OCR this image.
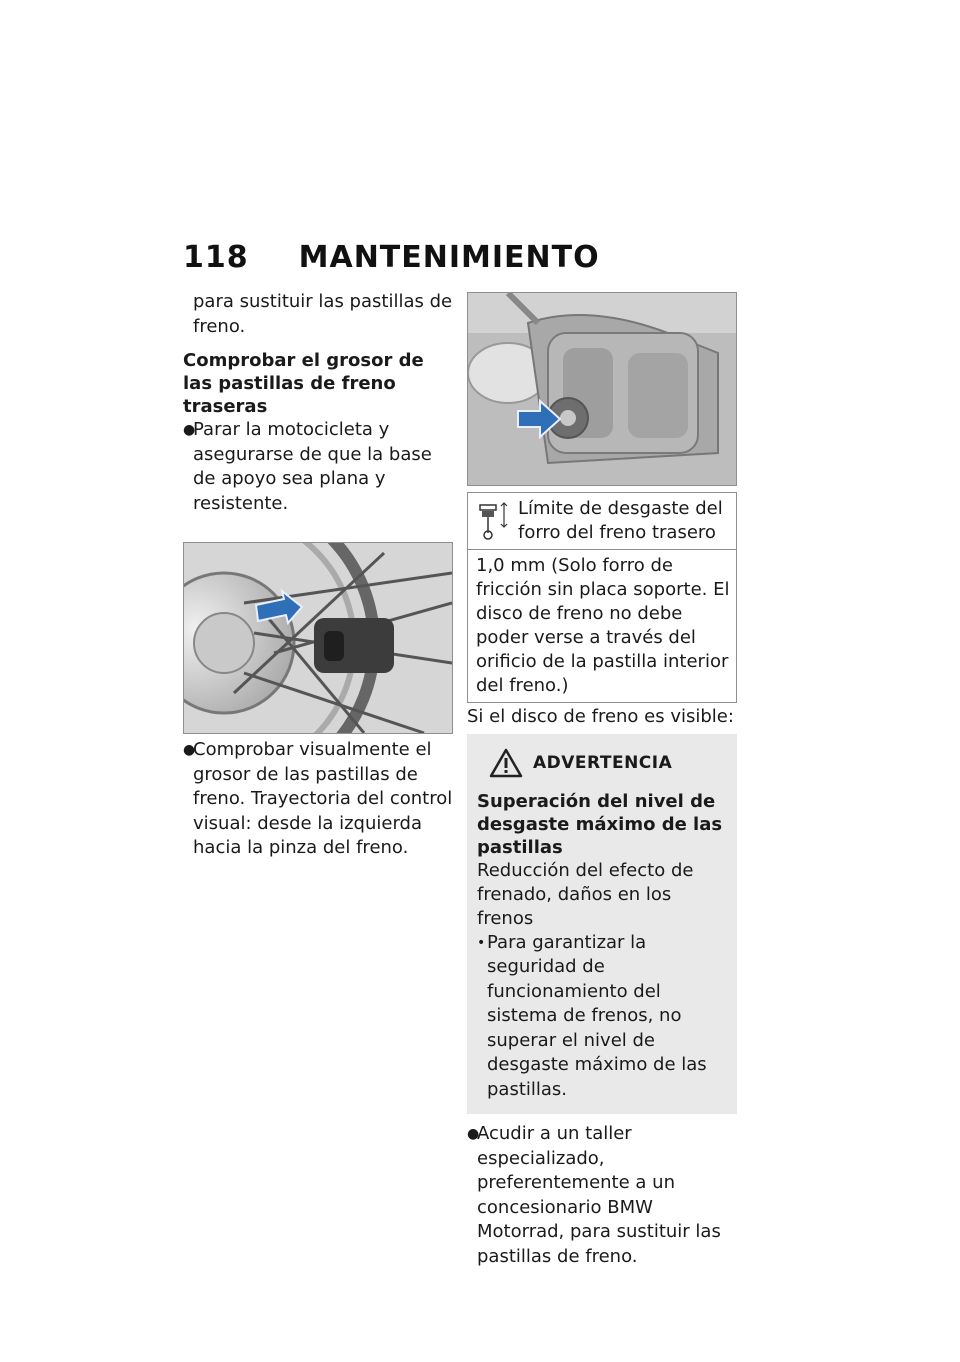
118 MANTENIMIENTO

para sustituir las pastillas de freno.

Comprobar el grosor de las pastillas de freno traseras
●
Parar la motocicleta y asegurarse de que la base de apoyo sea plana y resistente.
●
Comprobar visualmente el grosor de las pastillas de freno. Trayectoria del control visual: desde la izquierda hacia la pinza del freno.
Límite de desgaste del forro del freno trasero
1,0 mm (Solo forro de fricción sin placa soporte. El disco de freno no debe poder verse a través del orificio de la pastilla interior del freno.)

Si el disco de freno es visible:

ADVERTENCIA
Superación del nivel de desgaste máximo de las pastillas

Reducción del efecto de frenado, daños en los frenos

• Para garantizar la seguridad de funcionamiento del sistema de frenos, no superar el nivel de desgaste máximo de las pastillas.
●
Acudir a un taller especializado, preferentemente a un concesionario BMW Motorrad, para sustituir las pastillas de freno.
